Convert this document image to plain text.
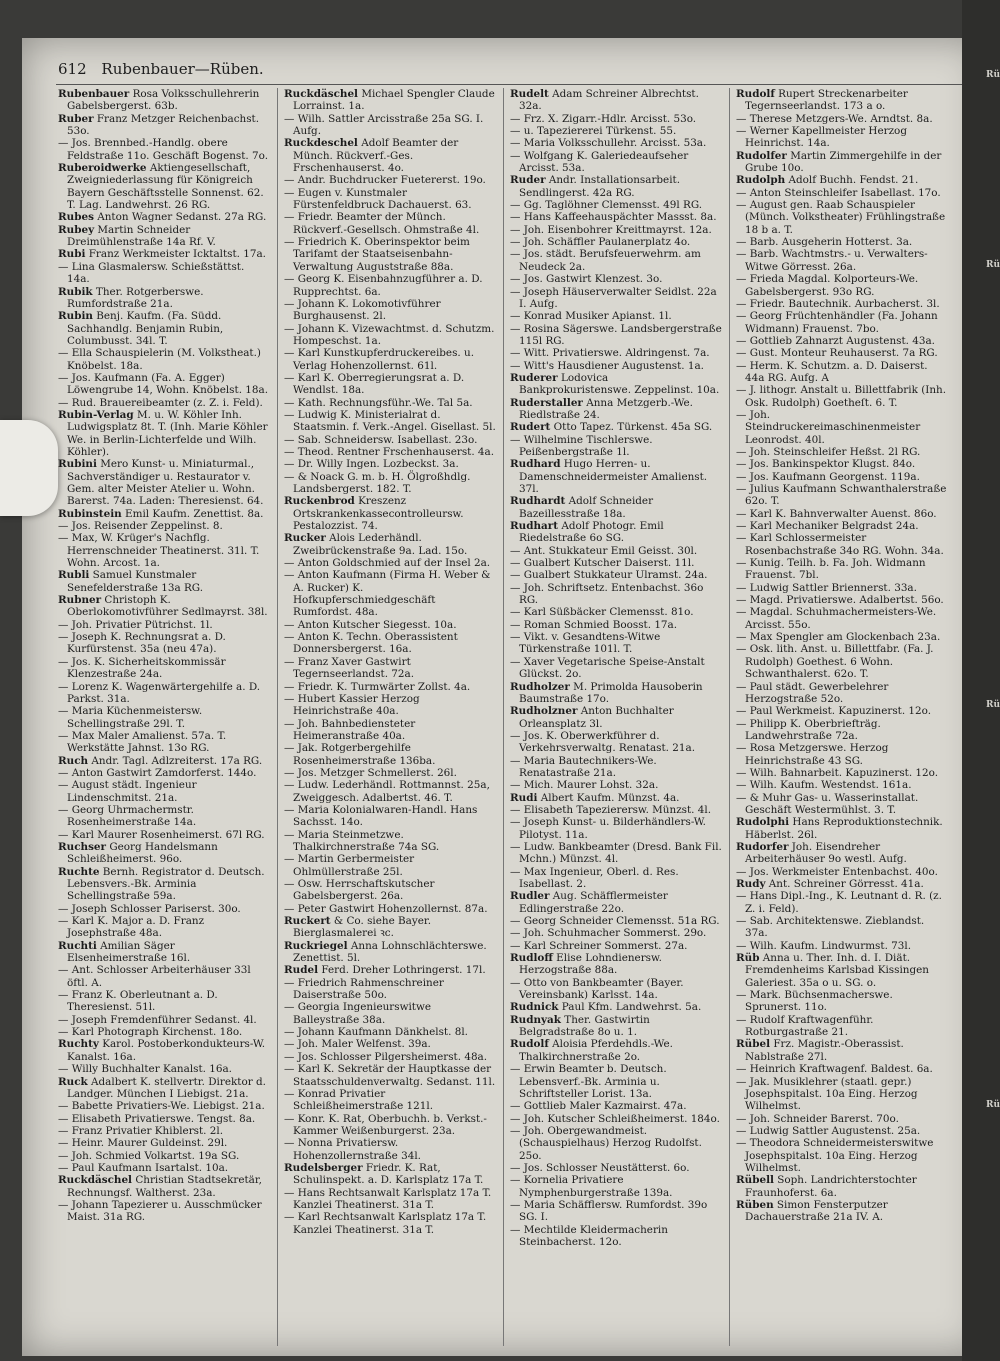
612 Rubenbauer—Rüben.

Rubenbauer Rosa Volksschullehrerin Gabelsbergerst. 63b.

Ruber Franz Metzger Reichenbachst. 53o.

— Jos. Brennbed.-Handlg. obere Feldstraße 11o. Geschäft Bogenst. 7o.

Ruberoidwerke Aktiengesellschaft, Zweigniederlassung für Königreich Bayern Geschäftsstelle Sonnenst. 62. T. Lag. Landwehrst. 26 RG.

Rubes Anton Wagner Sedanst. 27a RG.

Rubey Martin Schneider Dreimühlenstraße 14a Rf. V.

Rubi Franz Werkmeister Icktaltst. 17a.

— Lina Glasmalersw. Schießstättst. 14a.

Rubik Ther. Rotgerberswe. Rumfordstraße 21a.

Rubin Benj. Kaufm. (Fa. Südd. Sachhandlg. Benjamin Rubin, Columbusst. 34l. T.

— Ella Schauspielerin (M. Volkstheat.) Knöbelst. 18a.

— Jos. Kaufmann (Fa. A. Egger) Löwengrube 14, Wohn. Knöbelst. 18a.

— Rud. Brauereibeamter (z. Z. i. Feld).

Rubin-Verlag M. u. W. Köhler Inh. Ludwigsplatz 8t. T. (Inh. Marie Köhler We. in Berlin-Lichterfelde und Wilh. Köhler).

Rubini Mero Kunst- u. Miniaturmal., Sachverständiger u. Restaurator v. Gem. alter Meister Atelier u. Wohn. Barerst. 74a. Laden: Theresienst. 64.

Rubinstein Emil Kaufm. Zenettist. 8a.

— Jos. Reisender Zeppelinst. 8.

— Max, W. Krüger's Nachflg. Herrenschneider Theatinerst. 31l. T. Wohn. Arcost. 1a.

Rubli Samuel Kunstmaler Senefelderstraße 13a RG.

Rubner Christoph K. Oberlokomotivführer Sedlmayrst. 38l.

— Joh. Privatier Pütrichst. 1l.

— Joseph K. Rechnungsrat a. D. Kurfürstenst. 35a (neu 47a).

— Jos. K. Sicherheitskommissär Klenzestraße 24a.

— Lorenz K. Wagenwärtergehilfe a. D. Parkst. 31a.

— Maria Küchenmeistersw. Schellingstraße 29l. T.

— Max Maler Amalienst. 57a. T. Werkstätte Jahnst. 13o RG.

Ruch Andr. Tagl. Adlzreiterst. 17a RG.

— Anton Gastwirt Zamdorferst. 144o.

— August städt. Ingenieur Lindenschmitst. 21a.

— Georg Uhrmachermstr. Rosenheimerstraße 14a.

— Karl Maurer Rosenheimerst. 67l RG.

Ruchser Georg Handelsmann Schleißheimerst. 96o.

Ruchte Bernh. Registrator d. Deutsch. Lebensvers.-Bk. Arminia Schellingstraße 59a.

— Joseph Schlosser Pariserst. 30o.

— Karl K. Major a. D. Franz Josephstraße 48a.

Ruchti Amilian Säger Elsenheimerstraße 16l.

— Ant. Schlosser Arbeiterhäuser 33l öftl. A.

— Franz K. Oberleutnant a. D. Theresienst. 51l.

— Joseph Fremdenführer Sedanst. 4l.

— Karl Photograph Kirchenst. 18o.

Ruchty Karol. Postoberkondukteurs-W. Kanalst. 16a.

— Willy Buchhalter Kanalst. 16a.

Ruck Adalbert K. stellvertr. Direktor d. Landger. München I Liebigst. 21a.

— Babette Privatiers-We. Liebigst. 21a.

— Elisabeth Privatierswe. Tengst. 8a.

— Franz Privatier Khiblerst. 2l.

— Heinr. Maurer Guldeinst. 29l.

— Joh. Schmied Volkartst. 19a SG.

— Paul Kaufmann Isartalst. 10a.

Ruckdäschel Christian Stadtsekretär, Rechnungsf. Waltherst. 23a.

— Johann Tapezierer u. Ausschmücker Maist. 31a RG.

Ruckdäschel Michael Spengler Claude Lorrainst. 1a.

— Wilh. Sattler Arcisstraße 25a SG. I. Aufg.

Ruckdeschel Adolf Beamter der Münch. Rückverf.-Ges. Frschenhauserst. 4o.

— Andr. Buchdrucker Fuetererst. 19o.

— Eugen v. Kunstmaler Fürstenfeldbruck Dachauerst. 63.

— Friedr. Beamter der Münch. Rückverf.-Gesellsch. Ohmstraße 4l.

— Friedrich K. Oberinspektor beim Tarifamt der Staatseisenbahn-Verwaltung Auguststraße 88a.

— Georg K. Eisenbahnzugführer a. D. Rupprechtst. 6a.

— Johann K. Lokomotivführer Burghausenst. 2l.

— Johann K. Vizewachtmst. d. Schutzm. Hompeschst. 1a.

— Karl Kunstkupferdruckereibes. u. Verlag Hohenzollernst. 61l.

— Karl K. Oberregierungsrat a. D. Wendlst. 18a.

— Kath. Rechnungsführ.-We. Tal 5a.

— Ludwig K. Ministerialrat d. Staatsmin. f. Verk.-Angel. Gisellast. 5l.

— Sab. Schneidersw. Isabellast. 23o.

— Theod. Rentner Frschenhauserst. 4a.

— Dr. Willy Ingen. Lozbeckst. 3a.

— & Noack G. m. b. H. Ölgroßhdlg. Landsbergerst. 182. T.

Ruckenbrod Kreszenz Ortskrankenkassecontrolleursw. Pestalozzist. 74.

Rucker Alois Lederhändl. Zweibrückenstraße 9a. Lad. 15o.

— Anton Goldschmied auf der Insel 2a.

— Anton Kaufmann (Firma H. Weber & A. Rucker) K. Hofkupferschmiedgeschäft Rumfordst. 48a.

— Anton Kutscher Siegesst. 10a.

— Anton K. Techn. Oberassistent Donnersbergerst. 16a.

— Franz Xaver Gastwirt Tegernseerlandst. 72a.

— Friedr. K. Turmwärter Zollst. 4a.

— Hubert Kassier Herzog Heinrichstraße 40a.

— Joh. Bahnbediensteter Heimeranstraße 40a.

— Jak. Rotgerbergehilfe Rosenheimerstraße 136ba.

— Jos. Metzger Schmellerst. 26l.

— Ludw. Lederhändl. Rottmannst. 25a, Zweiggesch. Adalbertst. 46. T.

— Maria Kolonialwaren-Handl. Hans Sachsst. 14o.

— Maria Steinmetzwe. Thalkirchnerstraße 74a SG.

— Martin Gerbermeister Ohlmüllerstraße 25l.

— Osw. Herrschaftskutscher Gabelsbergerst. 26a.

— Peter Gastwirt Hohenzollernst. 87a.

Ruckert & Co. siehe Bayer. Bierglasmalerei ꝛc.

Ruckriegel Anna Lohnschlächterswe. Zenettist. 5l.

Rudel Ferd. Dreher Lothringerst. 17l.

— Friedrich Rahmenschreiner Daiserstraße 50o.

— Georgia Ingenieurswitwe Balleystraße 38a.

— Johann Kaufmann Dänkhelst. 8l.

— Joh. Maler Welfenst. 39a.

— Jos. Schlosser Pilgersheimerst. 48a.

— Karl K. Sekretär der Hauptkasse der Staatsschuldenverwaltg. Sedanst. 11l.

— Konrad Privatier Schleißheimerstraße 121l.

— Konr. K. Rat, Oberbuchh. b. Verkst.-Kammer Weißenburgerst. 23a.

— Nonna Privatiersw. Hohenzollernstraße 34l.

Rudelsberger Friedr. K. Rat, Schulinspekt. a. D. Karlsplatz 17a T.

— Hans Rechtsanwalt Karlsplatz 17a T. Kanzlei Theatinerst. 31a T.

— Karl Rechtsanwalt Karlsplatz 17a T. Kanzlei Theatinerst. 31a T.

Rudelt Adam Schreiner Albrechtst. 32a.

— Frz. X. Zigarr.-Hdlr. Arcisst. 53o.

— u. Tapeziererei Türkenst. 55.

— Maria Volksschullehr. Arcisst. 53a.

— Wolfgang K. Galeriedeaufseher Arcisst. 53a.

Ruder Andr. Installationsarbeit. Sendlingerst. 42a RG.

— Gg. Taglöhner Clemensst. 49l RG.

— Hans Kaffeehauspächter Massst. 8a.

— Joh. Eisenbohrer Kreittmayrst. 12a.

— Joh. Schäffler Paulanerplatz 4o.

— Jos. städt. Berufsfeuerwehrm. am Neudeck 2a.

— Jos. Gastwirt Klenzest. 3o.

— Joseph Häuserverwalter Seidlst. 22a I. Aufg.

— Konrad Musiker Apianst. 1l.

— Rosina Sägerswe. Landsbergerstraße 115l RG.

— Witt. Privatierswe. Aldringenst. 7a.

— Witt's Hausdiener Augustenst. 1a.

Ruderer Lodovica Bankprokuristenswe. Zeppelinst. 10a.

Ruderstaller Anna Metzgerb.-We. Riedlstraße 24.

Rudert Otto Tapez. Türkenst. 45a SG.

— Wilhelmine Tischlerswe. Peißenbergstraße 1l.

Rudhard Hugo Herren- u. Damenschneidermeister Amalienst. 37l.

Rudhardt Adolf Schneider Bazeillesstraße 18a.

Rudhart Adolf Photogr. Emil Riedelstraße 6o SG.

— Ant. Stukkateur Emil Geisst. 30l.

— Gualbert Kutscher Daiserst. 11l.

— Gualbert Stukkateur Ulramst. 24a.

— Joh. Schriftsetz. Entenbachst. 36o RG.

— Karl Süßbäcker Clemensst. 81o.

— Roman Schmied Boosst. 17a.

— Vikt. v. Gesandtens-Witwe Türkenstraße 101l. T.

— Xaver Vegetarische Speise-Anstalt Glückst. 2o.

Rudholzer M. Primolda Hausoberin Baumstraße 17o.

Rudholzner Anton Buchhalter Orleansplatz 3l.

— Jos. K. Oberwerkführer d. Verkehrsverwaltg. Renatast. 21a.

— Maria Bautechnikers-We. Renatastraße 21a.

— Mich. Maurer Lohst. 32a.

Rudi Albert Kaufm. Münzst. 4a.

— Elisabeth Tapezierersw. Münzst. 4l.

— Joseph Kunst- u. Bilderhändlers-W. Pilotyst. 11a.

— Ludw. Bankbeamter (Dresd. Bank Fil. Mchn.) Münzst. 4l.

— Max Ingenieur, Oberl. d. Res. Isabellast. 2.

Rudler Aug. Schäfflermeister Edlingerstraße 22o.

— Georg Schneider Clemensst. 51a RG.

— Joh. Schuhmacher Sommerst. 29o.

— Karl Schreiner Sommerst. 27a.

Rudloff Elise Lohndienersw. Herzogstraße 88a.

— Otto von Bankbeamter (Bayer. Vereinsbank) Karlsst. 14a.

Rudnick Paul Kfm. Landwehrst. 5a.

Rudnyak Ther. Gastwirtin Belgradstraße 8o u. 1.

Rudolf Aloisia Pferdehdls.-We. Thalkirchnerstraße 2o.

— Erwin Beamter b. Deutsch. Lebensverf.-Bk. Arminia u. Schriftsteller Lorist. 13a.

— Gottlieb Maler Kazmairst. 47a.

— Joh. Kutscher Schleißheimerst. 184o.

— Joh. Obergewandmeist. (Schauspielhaus) Herzog Rudolfst. 25o.

— Jos. Schlosser Neustätterst. 6o.

— Kornelia Privatiere Nymphenburgerstraße 139a.

— Maria Schäfflersw. Rumfordst. 39o SG. I.

— Mechtilde Kleidermacherin Steinbacherst. 12o.

Rudolf Rupert Streckenarbeiter Tegernseerlandst. 173 a o.

— Therese Metzgers-We. Arndtst. 8a.

— Werner Kapellmeister Herzog Heinrichst. 14a.

Rudolfer Martin Zimmergehilfe in der Grube 10o.

Rudolph Adolf Buchh. Fendst. 21.

— Anton Steinschleifer Isabellast. 17o.

— August gen. Raab Schauspieler (Münch. Volkstheater) Frühlingstraße 18 b a. T.

— Barb. Ausgeherin Hotterst. 3a.

— Barb. Wachtmstrs.- u. Verwalters-Witwe Görresst. 26a.

— Frieda Magdal. Kolporteurs-We. Gabelsbergerst. 93o RG.

— Friedr. Bautechnik. Aurbacherst. 3l.

— Georg Früchtenhändler (Fa. Johann Widmann) Frauenst. 7bo.

— Gottlieb Zahnarzt Augustenst. 43a.

— Gust. Monteur Reuhauserst. 7a RG.

— Herm. K. Schutzm. a. D. Daiserst. 44a RG. Aufg. A

— J. lithogr. Anstalt u. Billettfabrik (Inh. Osk. Rudolph) Goetheſt. 6. T.

— Joh. Steindruckereimaschinenmeister Leonrodst. 40l.

— Joh. Steinschleifer Heßst. 2l RG.

— Jos. Bankinspektor Klugst. 84o.

— Jos. Kaufmann Georgenst. 119a.

— Julius Kaufmann Schwanthalerstraße 62o. T.

— Karl K. Bahnverwalter Auenst. 86o.

— Karl Mechaniker Belgradst 24a.

— Karl Schlossermeister Rosenbachstraße 34o RG. Wohn. 34a.

— Kunig. Teilh. b. Fa. Joh. Widmann Frauenst. 7bl.

— Ludwig Sattler Briennerst. 33a.

— Magd. Privatierswe. Adalbertst. 56o.

— Magdal. Schuhmachermeisters-We. Arcisst. 55o.

— Max Spengler am Glockenbach 23a.

— Osk. lith. Anst. u. Billettfabr. (Fa. J. Rudolph) Goethest. 6 Wohn. Schwanthalerst. 62o. T.

— Paul städt. Gewerbelehrer Herzogstraße 52o.

— Paul Werkmeist. Kapuzinerst. 12o.

— Philipp K. Oberbriefträg. Landwehrstraße 72a.

— Rosa Metzgerswe. Herzog Heinrichstraße 43 SG.

— Wilh. Bahnarbeit. Kapuzinerst. 12o.

— Wilh. Kaufm. Westendst. 161a.

— & Muhr Gas- u. Wasserinstallat. Geschäft Westermühlst. 3. T.

Rudolphi Hans Reproduktionstechnik. Häberlst. 26l.

Rudorfer Joh. Eisendreher Arbeiterhäuser 9o westl. Aufg.

— Jos. Werkmeister Entenbachst. 40o.

Rudy Ant. Schreiner Görresst. 41a.

— Hans Dipl.-Ing., K. Leutnant d. R. (z. Z. i. Feld).

— Sab. Architektenswe. Zieblandst. 37a.

— Wilh. Kaufm. Lindwurmst. 73l.

Rüb Anna u. Ther. Inh. d. I. Diät. Fremdenheims Karlsbad Kissingen Galeriest. 35a o u. SG. o.

— Mark. Büchsenmacherswe. Sprunerst. 11o.

— Rudolf Kraftwagenführ. Rotburgastraße 21.

Rübel Frz. Magistr.-Oberassist. Nablstraße 27l.

— Heinrich Kraftwagenf. Baldest. 6a.

— Jak. Musiklehrer (staatl. gepr.) Josephspitalst. 10a Eing. Herzog Wilhelmst.

— Joh. Schneider Barerst. 70o.

— Ludwig Sattler Augustenst. 25a.

— Theodora Schneidermeisterswitwe Josephspitalst. 10a Eing. Herzog Wilhelmst.

Rübell Soph. Landrichterstochter Fraunhoferst. 6a.

Rüben Simon Fensterputzer Dachauerstraße 21a IV. A.

Rü
Rü
Rü
Rü
